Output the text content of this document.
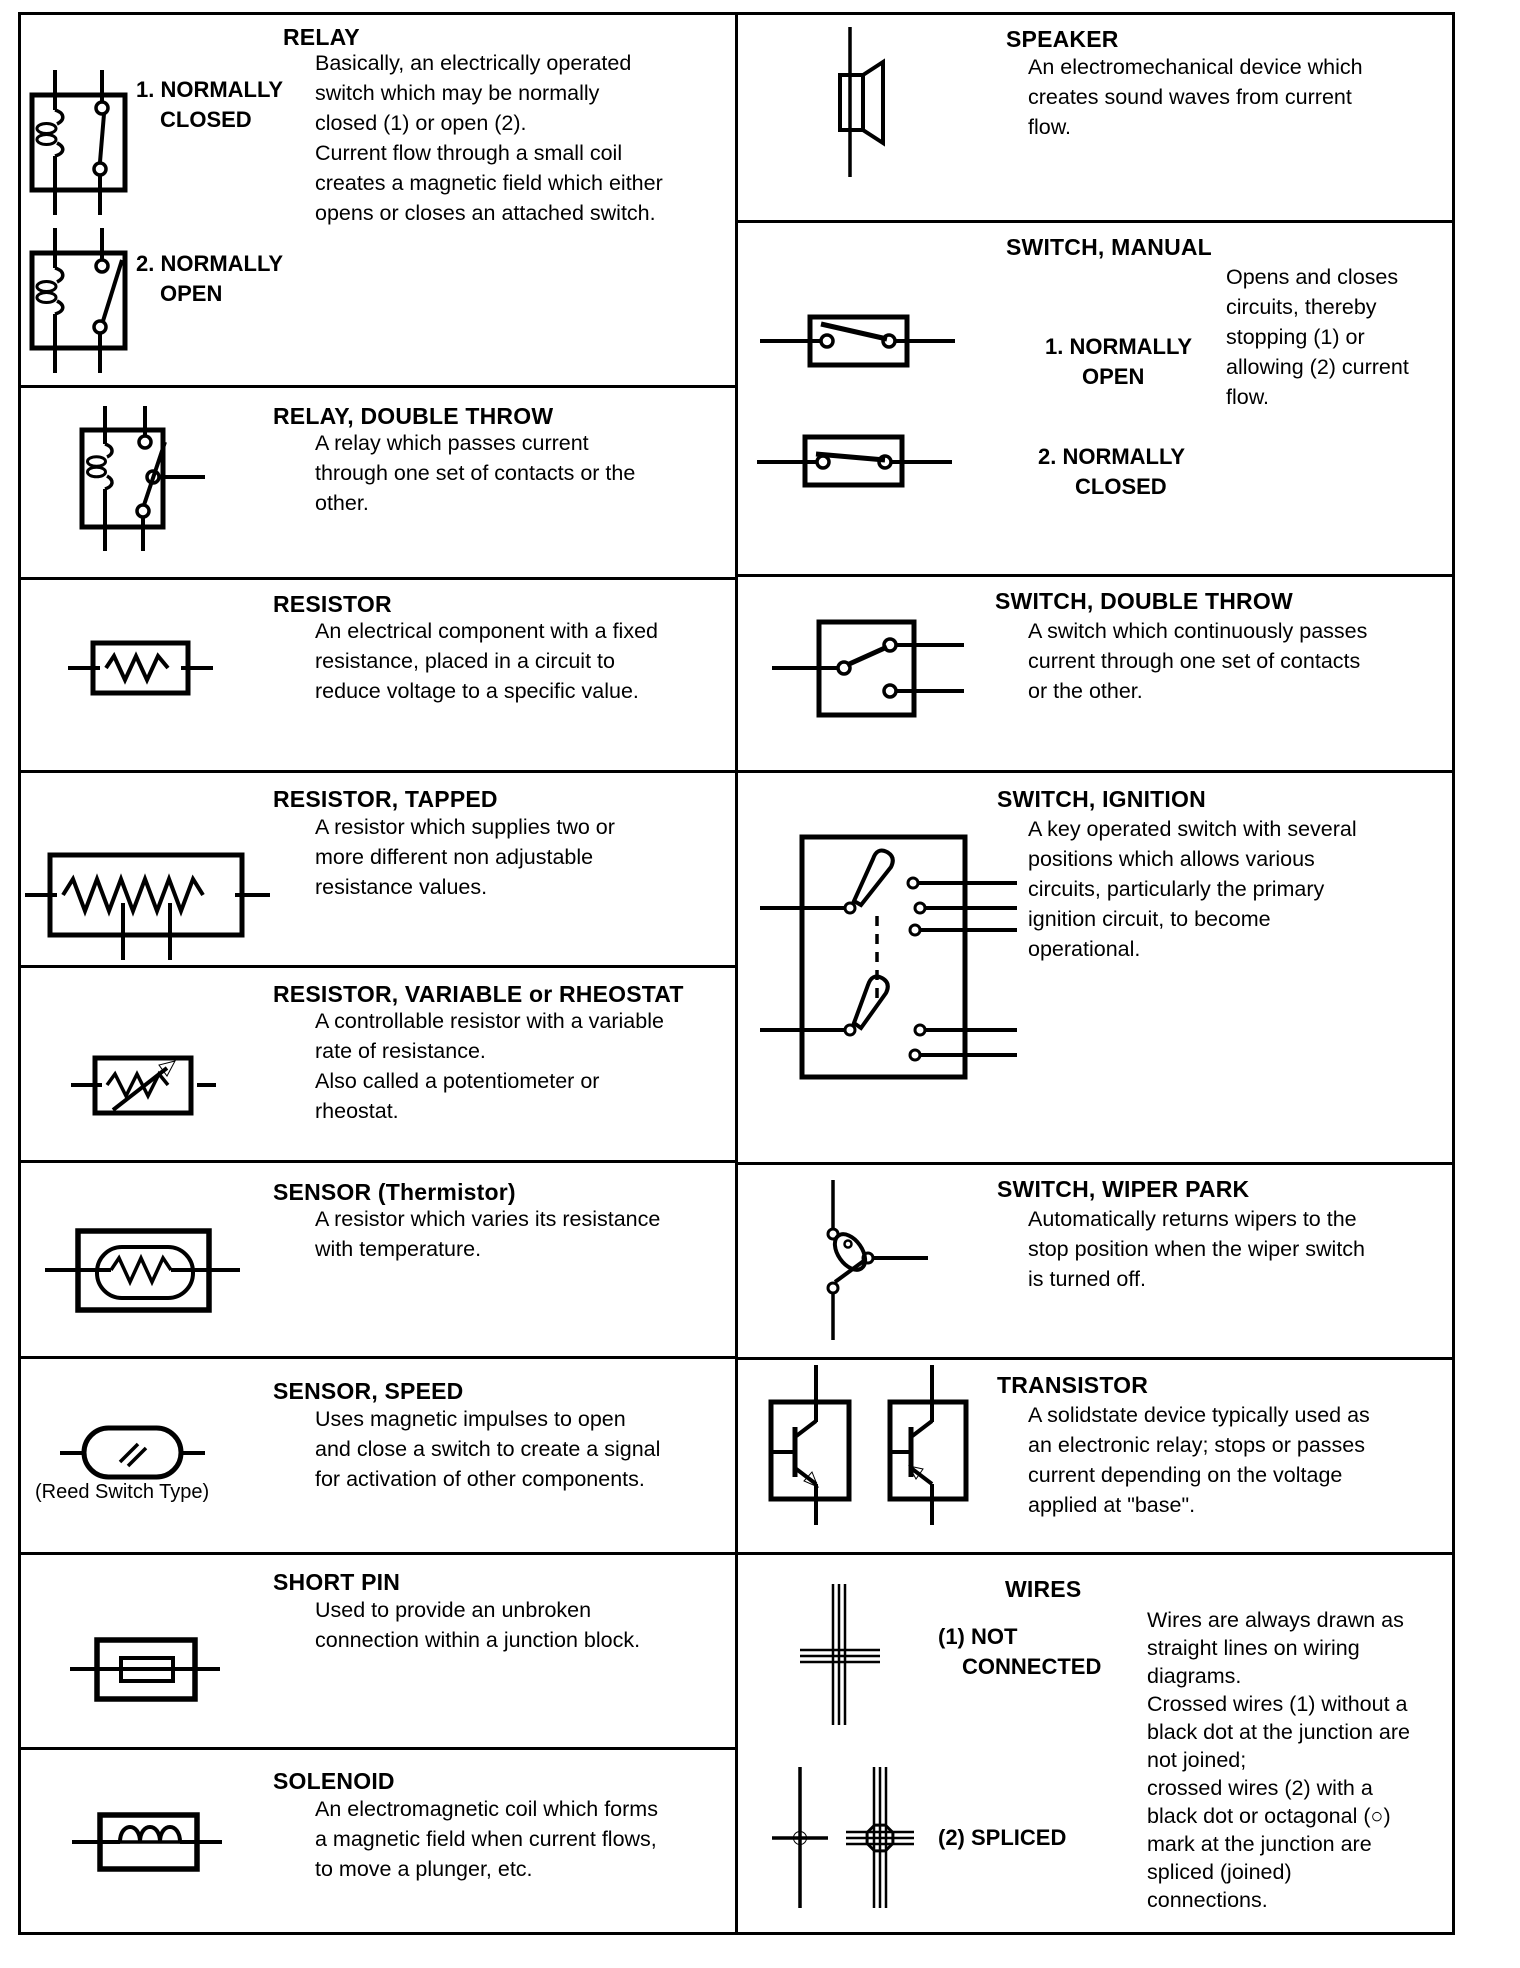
RELAY
Basically, an electrically operated
switch which may be normally
closed (1) or open (2).
Current flow through a small coil
creates a magnetic field which either
opens or closes an attached switch.
1. NORMALLY
CLOSED
2. NORMALLY
OPEN
RELAY, DOUBLE THROW
A relay which passes current
through one set of contacts or the
other.
RESISTOR
An electrical component with a fixed
resistance, placed in a circuit to
reduce voltage to a specific value.
RESISTOR, TAPPED
A resistor which supplies two or
more different non adjustable
resistance values.
RESISTOR, VARIABLE or RHEOSTAT
A controllable resistor with a variable
rate of resistance.
Also called a potentiometer or
rheostat.
SENSOR (Thermistor)
A resistor which varies its resistance
with temperature.
SENSOR, SPEED
Uses magnetic impulses to open
and close a switch to create a signal
for activation of other components.
(Reed Switch Type)
SHORT PIN
Used to provide an unbroken
connection within a junction block.
SOLENOID
An electromagnetic coil which forms
a magnetic field when current flows,
to move a plunger, etc.
SPEAKER
An electromechanical device which
creates sound waves from current
flow.
SWITCH, MANUAL
Opens and closes
circuits, thereby
stopping (1) or
allowing (2) current
flow.
1. NORMALLY
OPEN
2. NORMALLY
CLOSED
SWITCH, DOUBLE THROW
A switch which continuously passes
current through one set of contacts
or the other.
SWITCH, IGNITION
A key operated switch with several
positions which allows various
circuits, particularly the primary
ignition circuit, to become
operational.
SWITCH, WIPER PARK
Automatically returns wipers to the
stop position when the wiper switch
is turned off.
TRANSISTOR
A solidstate device typically used as
an electronic relay; stops or passes
current depending on the voltage
applied at "base".
WIRES
(1) NOT
CONNECTED
Wires are always drawn as
straight lines on wiring
diagrams.
Crossed wires (1) without a
black dot at the junction are
not joined;
crossed wires (2) with a
black dot or octagonal (○)
mark at the junction are
spliced (joined)
connections.
(2) SPLICED
